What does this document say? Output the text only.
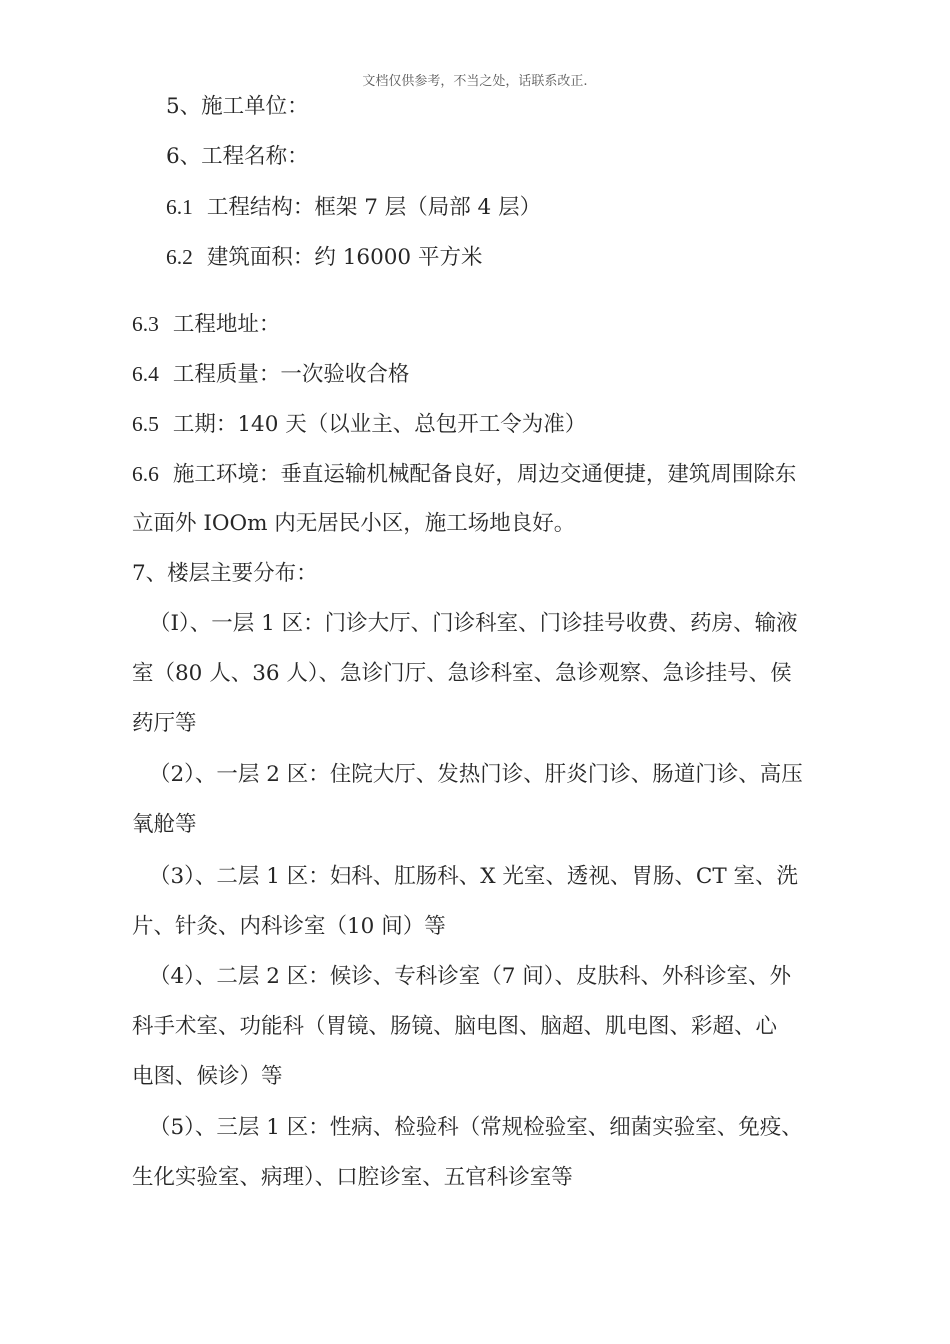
文档仅供参考，不当之处，话联系改正.
5、施工单位：
6、工程名称：
6.1 工程结构：框架 7 层（局部 4 层）
6.2 建筑面积：约 16000 平方米
6.3 工程地址：
6.4 工程质量：一次验收合格
6.5 工期：140 天（以业主、总包开工令为准）
6.6 施工环境：垂直运输机械配备良好，周边交通便捷，建筑周围除东
立面外 IOOm 内无居民小区，施工场地良好。
7、楼层主要分布：
（I）、一层 1 区：门诊大厅、门诊科室、门诊挂号收费、药房、输液
室（80 人、36 人）、急诊门厅、急诊科室、急诊观察、急诊挂号、侯
药厅等
（2）、一层 2 区：住院大厅、发热门诊、肝炎门诊、肠道门诊、高压
氧舱等
（3）、二层 1 区：妇科、肛肠科、X 光室、透视、胃肠、CT 室、洗
片、针灸、内科诊室（10 间）等
（4）、二层 2 区：候诊、专科诊室（7 间）、皮肤科、外科诊室、外
科手术室、功能科（胃镜、肠镜、脑电图、脑超、肌电图、彩超、心
电图、候诊）等
（5）、三层 1 区：性病、检验科（常规检验室、细菌实验室、免疫、
生化实验室、病理）、口腔诊室、五官科诊室等
